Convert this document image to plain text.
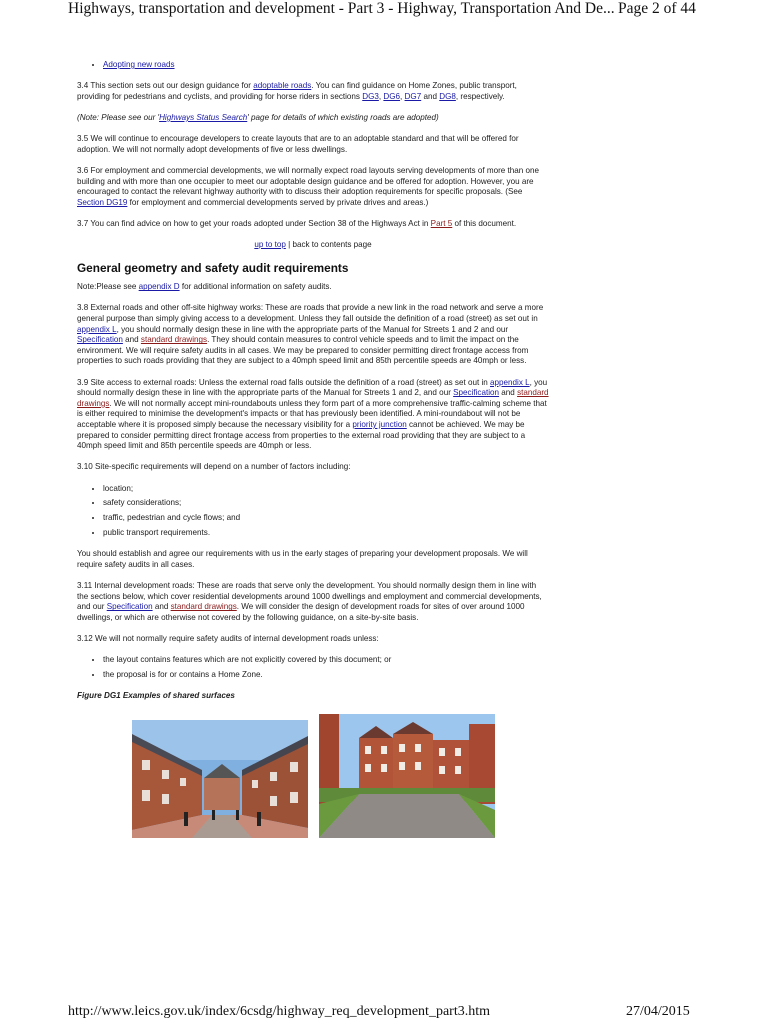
Highways, transportation and development - Part 3 - Highway, Transportation And De... Page 2 of 44
• Adopting new roads

3.4 This section sets out our design guidance for adoptable roads. You can find guidance on Home Zones, public transport, providing for pedestrians and cyclists, and providing for horse riders in sections DG3, DG6, DG7 and DG8, respectively.

(Note: Please see our 'Highways Status Search' page for details of which existing roads are adopted)

3.5 We will continue to encourage developers to create layouts that are to an adoptable standard and that will be offered for adoption. We will not normally adopt developments of five or less dwellings.

3.6 For employment and commercial developments, we will normally expect road layouts serving developments of more than one building and with more than one occupier to meet our adoptable design guidance and be offered for adoption. However, you are encouraged to contact the relevant highway authority with to discuss their adoption requirements for specific proposals. (See Section DG19 for employment and commercial developments served by private drives and areas.)

3.7 You can find advice on how to get your roads adopted under Section 38 of the Highways Act in Part 5 of this document.

up to top | back to contents page

General geometry and safety audit requirements

Note:Please see appendix D for additional information on safety audits.

3.8 External roads and other off-site highway works: These are roads that provide a new link in the road network and serve a more general purpose than simply giving access to a development. Unless they fall outside the definition of a road (street) as set out in appendix L, you should normally design these in line with the appropriate parts of the Manual for Streets 1 and 2 and our Specification and standard drawings. They should contain measures to control vehicle speeds and to limit the impact on the environment. We will require safety audits in all cases. We may be prepared to consider permitting direct frontage access from properties to such roads providing that they are subject to a 40mph speed limit and 85th percentile speeds are 40mph or less.

3.9 Site access to external roads: Unless the external road falls outside the definition of a road (street) as set out in appendix L, you should normally design these in line with the appropriate parts of the Manual for Streets 1 and 2, and our Specification and standard drawings. We will not normally accept mini-roundabouts unless they form part of a more comprehensive traffic-calming scheme that is either required to minimise the development's impacts or that has previously been identified. A mini-roundabout will not be acceptable where it is proposed simply because the necessary visibility for a priority junction cannot be achieved. We may be prepared to consider permitting direct frontage access from properties to the external road providing that they are subject to a 40mph speed limit and 85th percentile speeds are 40mph or less.

3.10 Site-specific requirements will depend on a number of factors including:

• location;
• safety considerations;
• traffic, pedestrian and cycle flows; and
• public transport requirements.

You should establish and agree our requirements with us in the early stages of preparing your development proposals. We will require safety audits in all cases.

3.11 Internal development roads: These are roads that serve only the development. You should normally design them in line with the sections below, which cover residential developments around 1000 dwellings and employment and commercial developments, and our Specification and standard drawings. We will consider the design of development roads for sites of over around 1000 dwellings, or which are otherwise not covered by the following guidance, on a site-by-site basis.

3.12 We will not normally require safety audits of internal development roads unless:

• the layout contains features which are not explicitly covered by this document; or
• the proposal is for or contains a Home Zone.
Figure DG1 Examples of shared surfaces
http://www.leics.gov.uk/index/6csdg/highway_req_development_part3.htm	27/04/2015
